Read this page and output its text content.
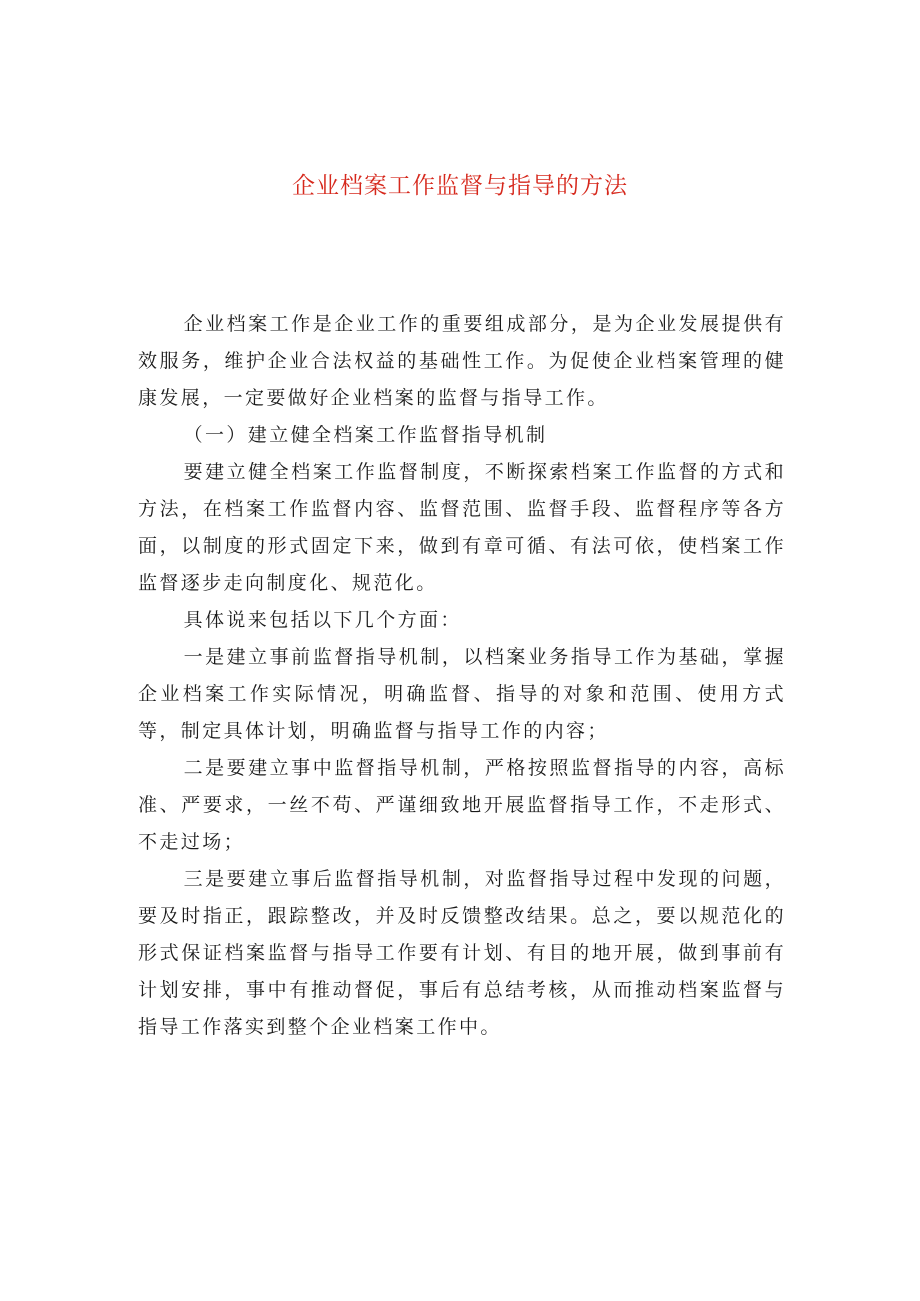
企业档案工作监督与指导的方法

企业档案工作是企业工作的重要组成部分，是为企业发展提供有效服务，维护企业合法权益的基础性工作。为促使企业档案管理的健康发展，一定要做好企业档案的监督与指导工作。

（一）建立健全档案工作监督指导机制

要建立健全档案工作监督制度，不断探索档案工作监督的方式和方法，在档案工作监督内容、监督范围、监督手段、监督程序等各方面，以制度的形式固定下来，做到有章可循、有法可依，使档案工作监督逐步走向制度化、规范化。

具体说来包括以下几个方面：

一是建立事前监督指导机制，以档案业务指导工作为基础，掌握企业档案工作实际情况，明确监督、指导的对象和范围、使用方式等，制定具体计划，明确监督与指导工作的内容；

二是要建立事中监督指导机制，严格按照监督指导的内容，高标准、严要求，一丝不苟、严谨细致地开展监督指导工作，不走形式、不走过场；

三是要建立事后监督指导机制，对监督指导过程中发现的问题，要及时指正，跟踪整改，并及时反馈整改结果。总之，要以规范化的形式保证档案监督与指导工作要有计划、有目的地开展，做到事前有计划安排，事中有推动督促，事后有总结考核，从而推动档案监督与指导工作落实到整个企业档案工作中。
